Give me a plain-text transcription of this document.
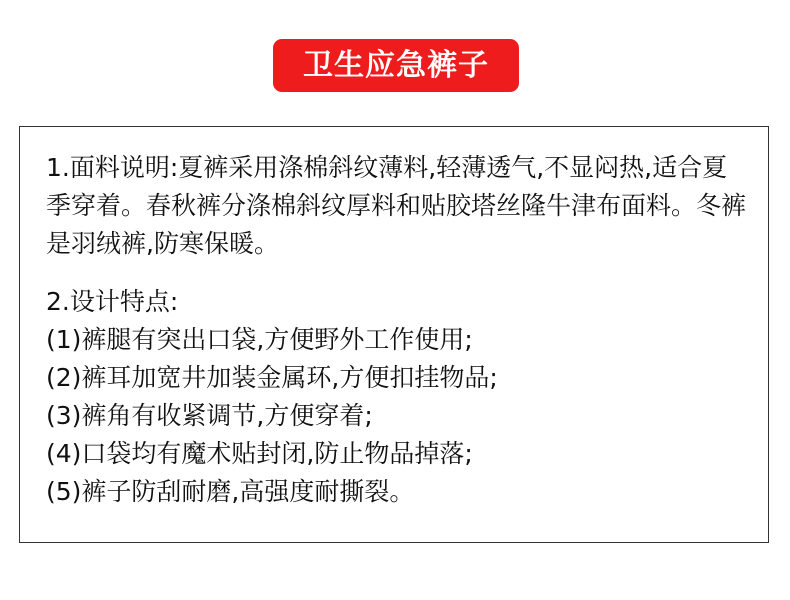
卫生应急裤子

1.面料说明:夏裤采用涤棉斜纹薄料,轻薄透气,不显闷热,适合夏季穿着。春秋裤分涤棉斜纹厚料和贴胶塔丝隆牛津布面料。冬裤是羽绒裤,防寒保暖。

2.设计特点:

(1)裤腿有突出口袋,方便野外工作使用;

(2)裤耳加宽井加装金属环,方便扣挂物品;

(3)裤角有收紧调节,方便穿着;

(4)口袋均有魔术贴封闭,防止物品掉落;

(5)裤子防刮耐磨,高强度耐撕裂。
